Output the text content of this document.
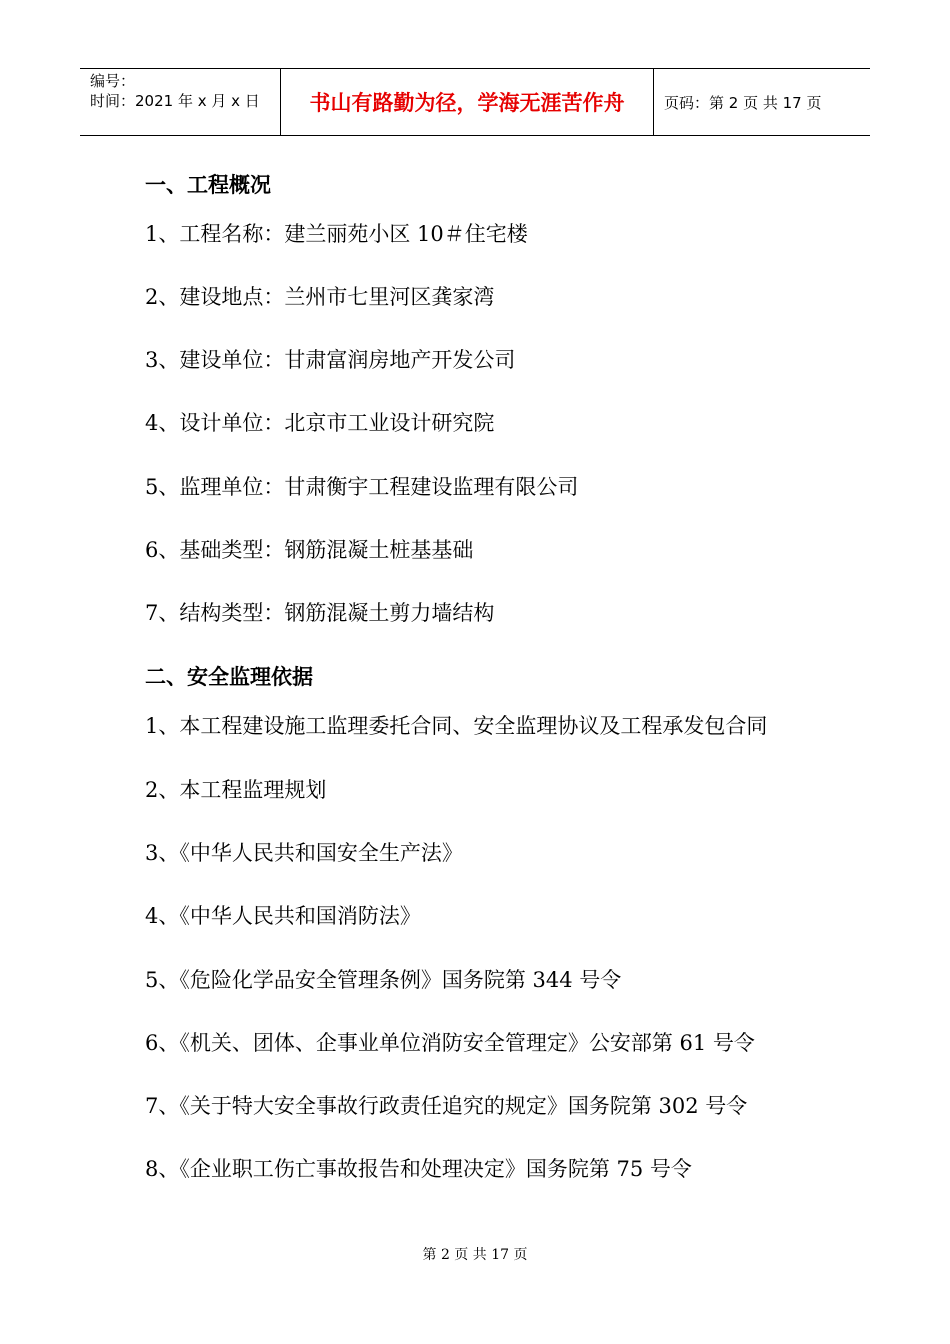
编号：
时间：2021 年 x 月 x 日	书山有路勤为径，学海无涯苦作舟	页码：第 2 页 共 17 页
一、工程概况
1、工程名称：建兰丽苑小区 10＃住宅楼
2、建设地点：兰州市七里河区龚家湾
3、建设单位：甘肃富润房地产开发公司
4、设计单位：北京市工业设计研究院
5、监理单位：甘肃衡宇工程建设监理有限公司
6、基础类型：钢筋混凝土桩基基础
7、结构类型：钢筋混凝土剪力墙结构
二、安全监理依据
1、本工程建设施工监理委托合同、安全监理协议及工程承发包合同
2、本工程监理规划
3、《中华人民共和国安全生产法》
4、《中华人民共和国消防法》
5、《危险化学品安全管理条例》国务院第 344 号令
6、《机关、团体、企事业单位消防安全管理定》公安部第 61 号令
7、《关于特大安全事故行政责任追究的规定》国务院第 302 号令
8、《企业职工伤亡事故报告和处理决定》国务院第 75 号令
第 2 页 共 17 页
